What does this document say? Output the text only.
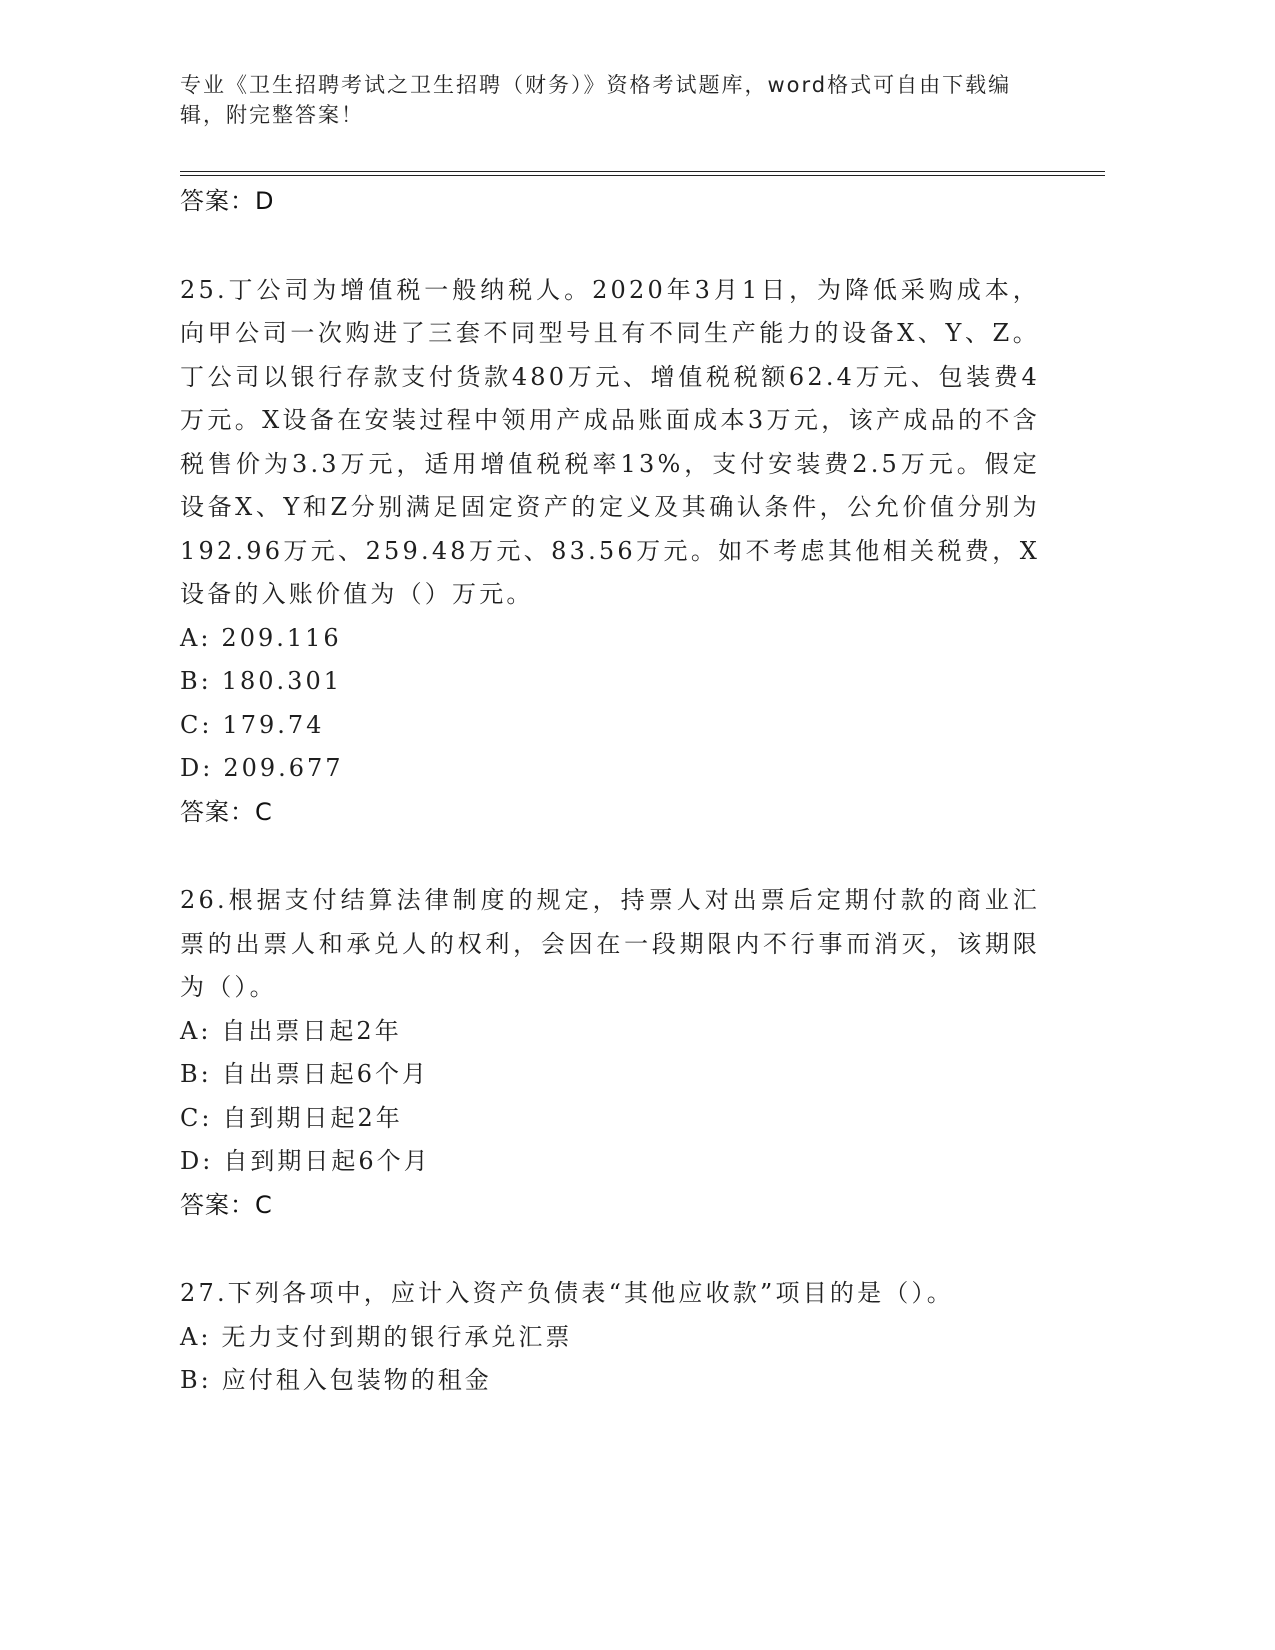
专业《卫生招聘考试之卫生招聘（财务）》资格考试题库，word格式可自由下载编辑，附完整答案！
答案：D
25.丁公司为增值税一般纳税人。2020年3月1日，为降低采购成本，向甲公司一次购进了三套不同型号且有不同生产能力的设备X、Y、Z。丁公司以银行存款支付货款480万元、增值税税额62.4万元、包装费4万元。X设备在安装过程中领用产成品账面成本3万元，该产成品的不含税售价为3.3万元，适用增值税税率13%，支付安装费2.5万元。假定设备X、Y和Z分别满足固定资产的定义及其确认条件，公允价值分别为192.96万元、259.48万元、83.56万元。如不考虑其他相关税费，X设备的入账价值为（）万元。
A: 209.116
B: 180.301
C: 179.74
D: 209.677
答案：C
26.根据支付结算法律制度的规定，持票人对出票后定期付款的商业汇票的出票人和承兑人的权利，会因在一段期限内不行事而消灭，该期限为（）。
A: 自出票日起2年
B: 自出票日起6个月
C: 自到期日起2年
D: 自到期日起6个月
答案：C
27.下列各项中，应计入资产负债表“其他应收款”项目的是（）。
A: 无力支付到期的银行承兑汇票
B: 应付租入包装物的租金
